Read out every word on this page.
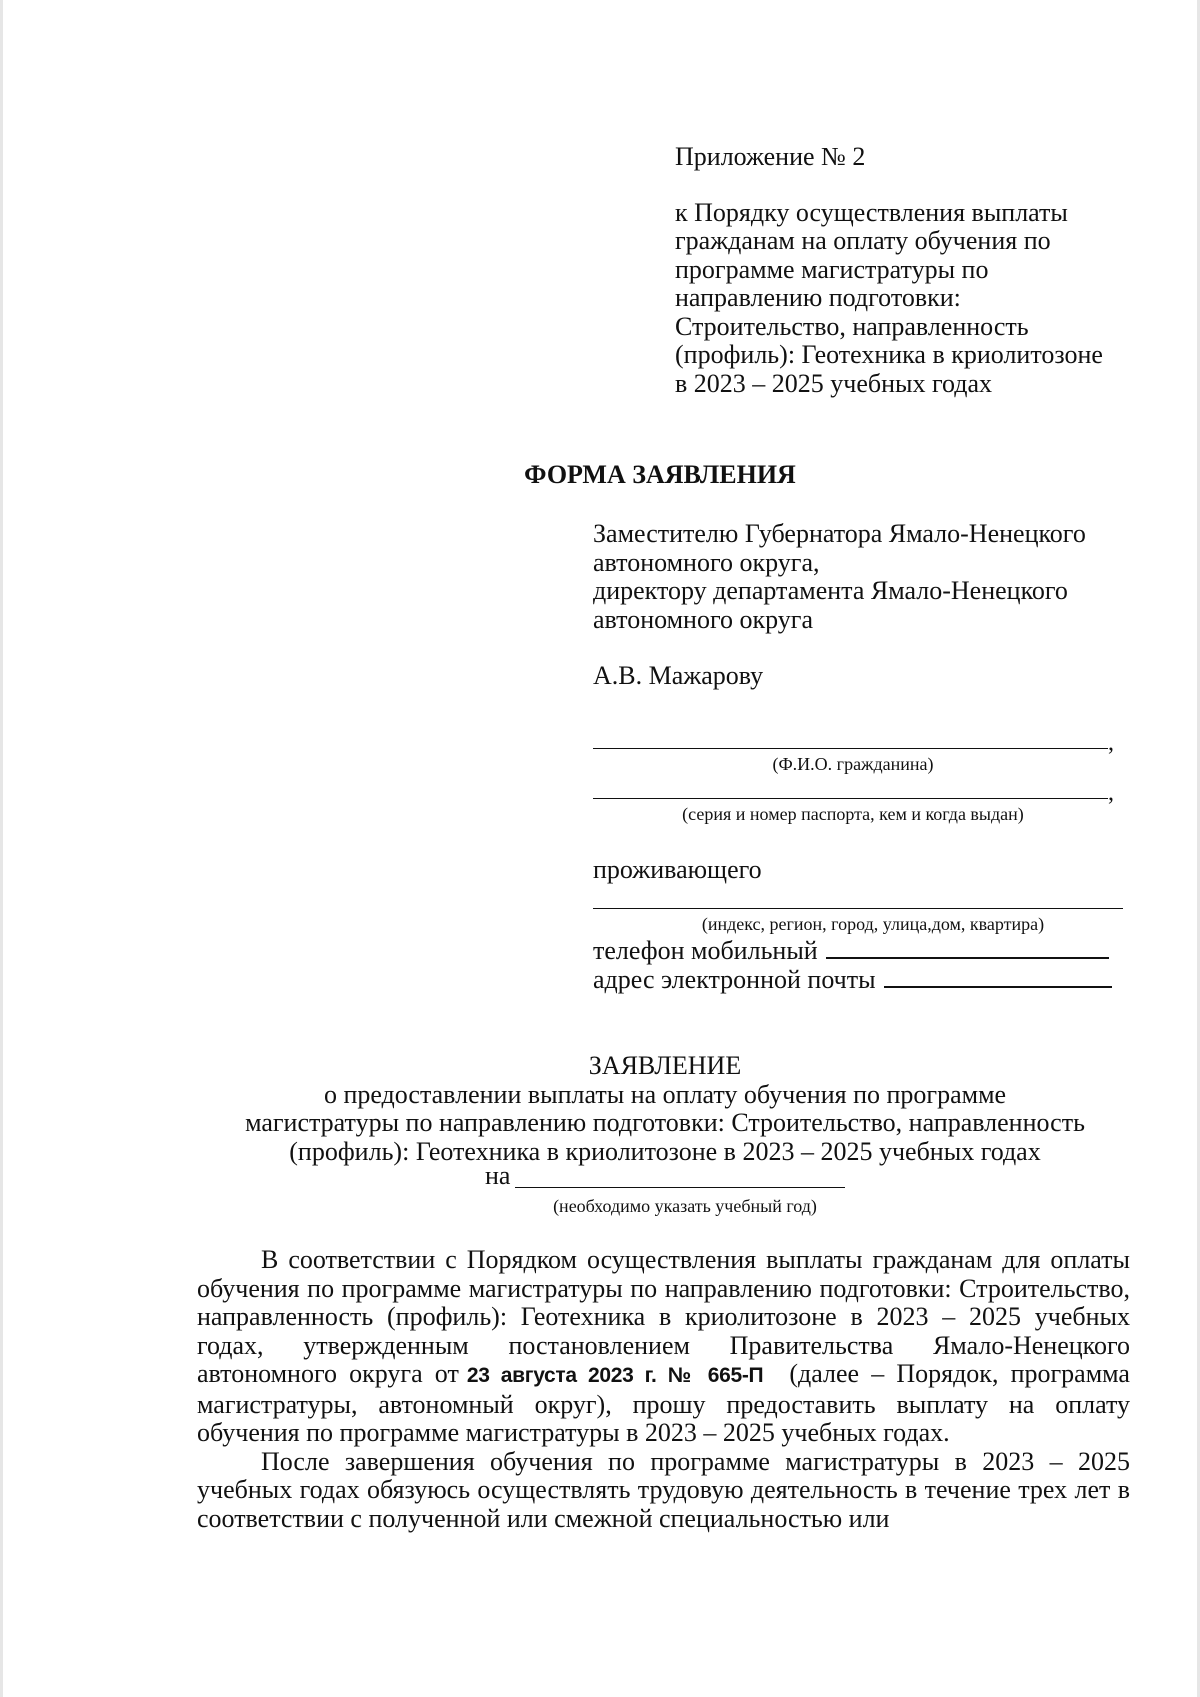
Приложение № 2
к Порядку осуществления выплаты
гражданам на оплату обучения по
программе магистратуры по
направлению подготовки:
Строительство, направленность
(профиль): Геотехника в криолитозоне
в 2023 – 2025 учебных годах
ФОРМА ЗАЯВЛЕНИЯ
Заместителю Губернатора Ямало-Ненецкого
автономного округа,
директору департамента Ямало-Ненецкого
автономного округа
А.В. Мажарову
,
(Ф.И.О. гражданина)
,
(серия и номер паспорта, кем и когда выдан)
проживающего
(индекс, регион, город, улица,дом, квартира)
телефон мобильный
адрес электронной почты
ЗАЯВЛЕНИЕ
о предоставлении выплаты на оплату обучения по программе
магистратуры по направлению подготовки: Строительство, направленность
(профиль): Геотехника в криолитозоне в 2023 – 2025 учебных годах
на
(необходимо указать учебный год)

В соответствии с Порядком осуществления выплаты гражданам для оплаты обучения по программе магистратуры по направлению подготовки: Строительство, направленность (профиль): Геотехника в криолитозоне в 2023 – 2025 учебных годах, утвержденным постановлением Правительства Ямало-Ненецкого автономного округа от 23 августа 2023 г. № 665-П (далее – Порядок, программа магистратуры, автономный округ), прошу предоставить выплату на оплату обучения по программе магистратуры в 2023 – 2025 учебных годах.

После завершения обучения по программе магистратуры в 2023 – 2025 учебных годах обязуюсь осуществлять трудовую деятельность в течение трех лет в соответствии с полученной или смежной специальностью или
